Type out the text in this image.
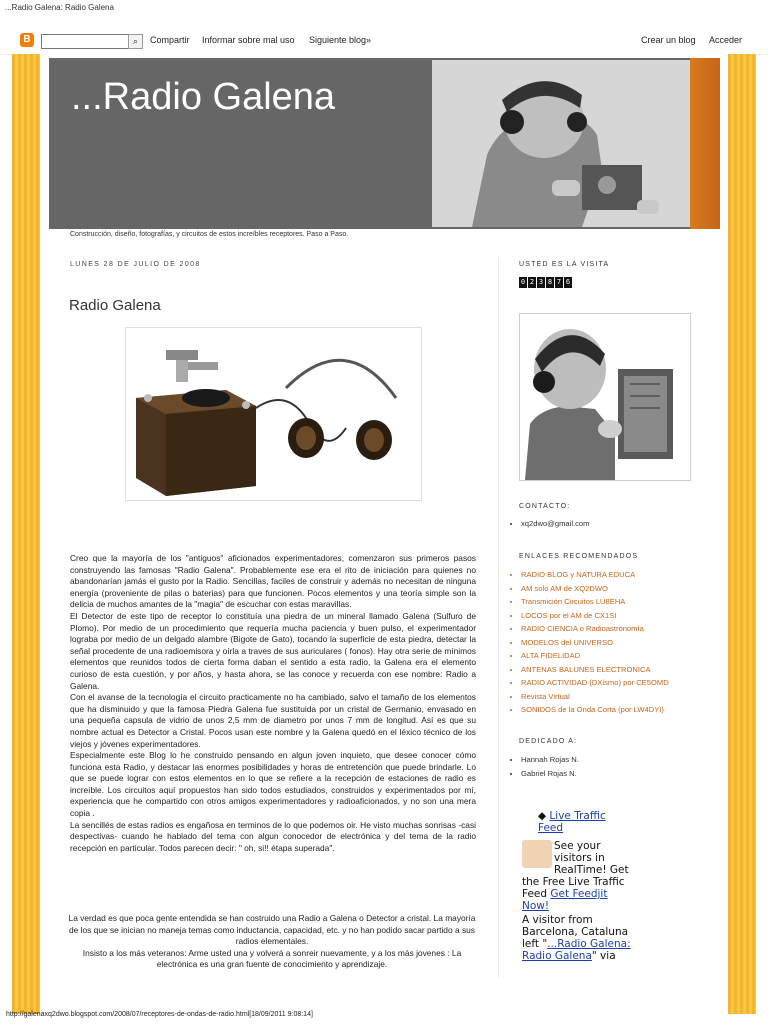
...Radio Galena: Radio Galena
B	⌕	Compartir Informar sobre mal uso Siguiente blog»	Crear un blog Acceder
...Radio Galena
Construcción, diseño, fotografías, y circuitos de estos increíbles receptores. Paso a Paso.
LUNES 28 DE JULIO DE 2008
Radio Galena

Creo que la mayoría de los "antiguos" aficionados experimentadores, comenzaron sus primeros pasos construyendo las famosas "Radio Galena". Probablemente ese era el rito de iniciación para quienes no abandonarían jamás el gusto por la Radio. Sencillas, faciles de construir y además no necesitan de ninguna energía (proveniente de pilas o baterias) para que funcionen. Pocos elementos y una teoría simple son la delicia de muchos amantes de la "magia" de escuchar con estas maravillas.

El Detector de este tipo de receptor lo constituía una piedra de un mineral llamado Galena (Sulfuro de Plomo). Por medio de un procedimiento que requería mucha paciencia y buen pulso, el experimentador lograba por medio de un delgado alambre (Bigote de Gato), tocando la superficie de esta piedra, detectar la señal procedente de una radioemisora y oírla a traves de sus auriculares ( fonos). Hay otra serie de mínimos elementos que reunidos todos de cierta forma daban el sentido a esta radio, la Galena era el elemento curioso de esta cuestión, y por años, y hasta ahora, se las conoce y recuerda con ese nombre: Radio a Galena.

Con el avanse de la tecnología el circuito practicamente no ha cambiado, salvo el tamaño de los elementos que ha disminuido y que la famosa Piedra Galena fue sustituida por un cristal de Germanio, envasado en una pequeña capsula de vidrio de unos 2,5 mm de diametro por unos 7 mm de longitud. Así es que su nombre actual es Detector a Cristal. Pocos usan este nombre y la Galena quedó en el léxico técnico de los viejos y jóvenes experimentadores.

Especialmente este Blog lo he construido pensando en algun joven inquieto, que desee conocer cómo funciona esta Radio, y destacar las enormes posibilidades y horas de entretención que puede brindarle. Lo que se puede lograr con estos elementos en lo que se refiere a la recepción de estaciones de radio es increíble. Los circuitos aquí propuestos han sido todos estudiados, construidos y experimentados por mí, experiencia que he compartido con otros amigos experimentadores y radioaficionados, y no son una mera copia .

La sencillés de estas radios es engañosa en terminos de lo que podemos oir. He visto muchas sonrisas -casi despectivas- cuando he hablado del tema con algun conocedor de electrónica y del tema de la radio recepción en particular. Todos parecen decir: " oh, si!! étapa superada".

La verdad es que poca gente entendida se han costruido una Radio a Galena o Detector a cristal. La mayoría de los que se inician no maneja temas como inductancia, capacidad, etc. y no han podido sacar partido a sus radios elementales.
Insisto a los más veteranos: Arme usted una y volverá a sonreir nuevamente, y a los más jovenes : La electrónica es una gran fuente de conocimiento y aprendizaje.
USTED ES LA VISITA
0 2 3 8 7 6
CONTACTO:
• xq2dwo@gmail.com
ENLACES RECOMENDADOS
• RADIO BLOG y NATURA EDUCA
• AM solo AM de XQ2DWO
• Transmición Circuitos LU8EHA
• LOCOS por el AM de CX1SI
• RADIO CIENCIA o Radioastronomía
• MODELOS del UNIVERSO
• ALTA FIDELIDAD
• ANTENAS BALUNES ELECTRONICA
• RADIO ACTIVIDAD (DXismo) por CE5OMD
• Revista Virtual
• SONIDOS de la Onda Corta (por LW4DYI)
DEDICADO A:
• Hannah Rojas N.
• Gabriel Rojas N.
◆ Live Traffic Feed
See your visitors in RealTime! Get the Free Live Traffic Feed Get Feedjit Now!
A visitor from Barcelona, Cataluna left "...Radio Galena: Radio Galena" via
http://galenaxq2dwo.blogspot.com/2008/07/receptores-de-ondas-de-radio.html[18/09/2011 9:08:14]
